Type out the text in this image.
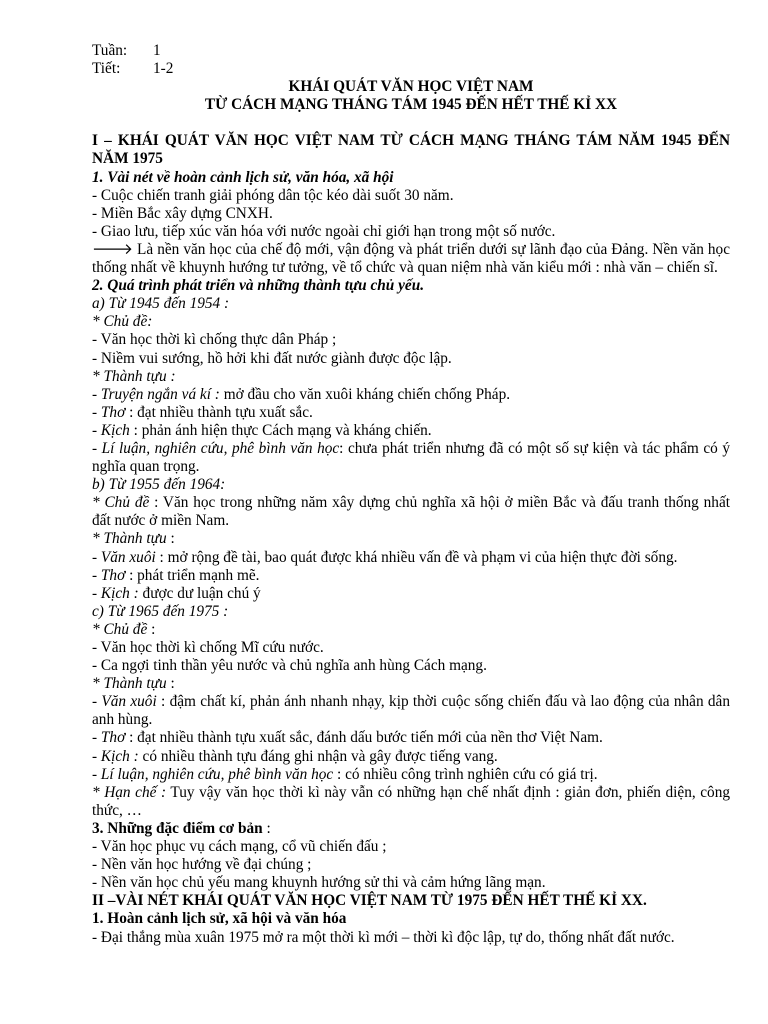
Tuần:	1
Tiết:	1-2

KHÁI QUÁT VĂN HỌC VIỆT NAM

TỪ CÁCH MẠNG THÁNG TÁM 1945 ĐẾN HẾT THẾ KỈ XX

I – KHÁI QUÁT VĂN HỌC VIỆT NAM TỪ CÁCH MẠNG THÁNG TÁM NĂM 1945 ĐẾN NĂM 1975

1. Vài nét về hoàn cảnh lịch sử, văn hóa, xã hội

- Cuộc chiến tranh giải phóng dân tộc kéo dài suốt 30 năm.

- Miền Bắc xây dựng CNXH.

- Giao lưu, tiếp xúc văn hóa với nước ngoài chỉ giới hạn trong một số nước.

🡒 Là nền văn học của chế độ mới, vận động và phát triển dưới sự lãnh đạo của Đảng. Nền văn học thống nhất về khuynh hướng tư tưởng, về tổ chức và quan niệm nhà văn kiểu mới : nhà văn – chiến sĩ.

2. Quá trình phát triển và những thành tựu chủ yếu.

a) Từ 1945 đến 1954 :

* Chủ đề:

- Văn học thời kì chống thực dân Pháp ;

- Niềm vui sướng, hồ hởi khi đất nước giành được độc lập.

* Thành tựu :

- Truyện ngắn vá kí : mở đầu cho văn xuôi kháng chiến chống Pháp.

- Thơ : đạt nhiều thành tựu xuất sắc.

- Kịch : phản ánh hiện thực Cách mạng và kháng chiến.

- Lí luận, nghiên cứu, phê bình văn học: chưa phát triển nhưng đã có một số sự kiện và tác phẩm có ý nghĩa quan trọng.

b) Từ 1955 đến 1964:

* Chủ đề : Văn học trong những năm xây dựng chủ nghĩa xã hội ở miền Bắc và đấu tranh thống nhất đất nước ở miền Nam.

* Thành tựu :

- Văn xuôi : mở rộng đề tài, bao quát được khá nhiều vấn đề và phạm vi của hiện thực đời sống.

- Thơ : phát triển mạnh mẽ.

- Kịch : được dư luận chú ý

c) Từ 1965 đến 1975 :

* Chủ đề :

- Văn học thời kì chống Mĩ cứu nước.

- Ca ngợi tinh thần yêu nước và chủ nghĩa anh hùng Cách mạng.

* Thành tựu :

- Văn xuôi : đậm chất kí, phản ánh nhanh nhạy, kịp thời cuộc sống chiến đấu và lao động của nhân dân anh hùng.

- Thơ : đạt nhiều thành tựu xuất sắc, đánh dấu bước tiến mới của nền thơ Việt Nam.

- Kịch : có nhiều thành tựu đáng ghi nhận và gây được tiếng vang.

- Lí luận, nghiên cứu, phê bình văn học : có nhiều công trình nghiên cứu có giá trị.

* Hạn chế : Tuy vậy văn học thời kì này vẫn có những hạn chế nhất định : giản đơn, phiến diện, công thức, …

3. Những đặc điểm cơ bản :

- Văn học phục vụ cách mạng, cổ vũ chiến đấu ;

- Nền văn học hướng về đại chúng ;

- Nền văn học chủ yếu mang khuynh hướng sử thi và cảm hứng lãng mạn.

II –VÀI NÉT KHÁI QUÁT VĂN HỌC VIỆT NAM TỪ 1975 ĐẾN HẾT THẾ KỈ XX.

1. Hoàn cảnh lịch sử, xã hội và văn hóa

- Đại thắng mùa xuân 1975 mở ra một thời kì mới – thời kì độc lập, tự do, thống nhất đất nước.
